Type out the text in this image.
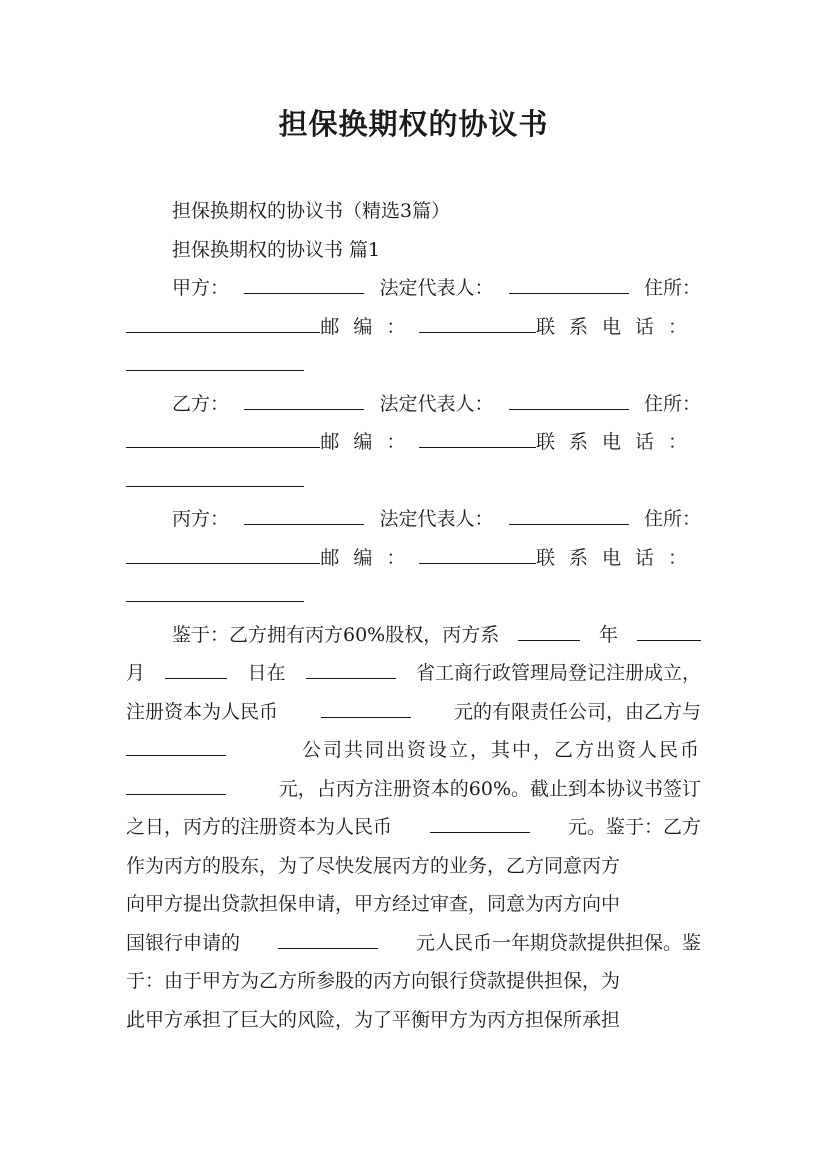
担保换期权的协议书
担保换期权的协议书（精选3篇）
担保换期权的协议书 篇1
甲方：	法定代表人：	住所：
邮编：	联系电话：
乙方：	法定代表人：	住所：
邮编：	联系电话：
丙方：	法定代表人：	住所：
邮编：	联系电话：
鉴于：乙方拥有丙方60%股权，丙方系	年
月	日在	省工商行政管理局登记注册成立，
注册资本为人民币	元的有限责任公司，由乙方与
公司共同出资设立，其中，乙方出资人民币
元，占丙方注册资本的60%。截止到本协议书签订
之日，丙方的注册资本为人民币	元。鉴于：乙方
作为丙方的股东，为了尽快发展丙方的业务，乙方同意丙方
向甲方提出贷款担保申请，甲方经过审查，同意为丙方向中
国银行申请的	元人民币一年期贷款提供担保。鉴
于：由于甲方为乙方所参股的丙方向银行贷款提供担保，为
此甲方承担了巨大的风险，为了平衡甲方为丙方担保所承担
